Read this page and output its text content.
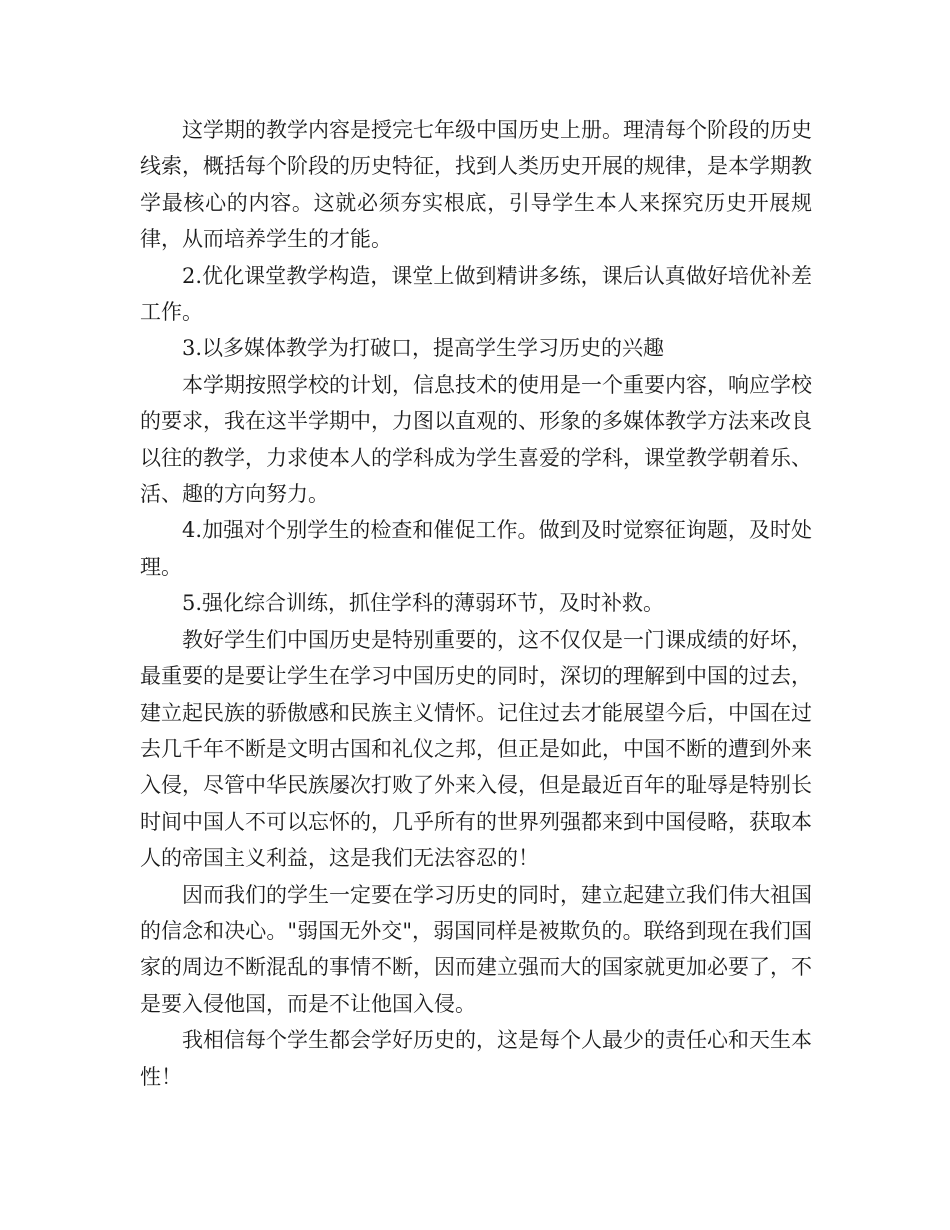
这学期的教学内容是授完七年级中国历史上册。理清每个阶段的历史线索，概括每个阶段的历史特征，找到人类历史开展的规律，是本学期教学最核心的内容。这就必须夯实根底，引导学生本人来探究历史开展规律，从而培养学生的才能。

2.优化课堂教学构造，课堂上做到精讲多练，课后认真做好培优补差工作。

3.以多媒体教学为打破口，提高学生学习历史的兴趣

本学期按照学校的计划，信息技术的使用是一个重要内容，响应学校的要求，我在这半学期中，力图以直观的、形象的多媒体教学方法来改良以往的教学，力求使本人的学科成为学生喜爱的学科，课堂教学朝着乐、活、趣的方向努力。

4.加强对个别学生的检查和催促工作。做到及时觉察征询题，及时处理。

5.强化综合训练，抓住学科的薄弱环节，及时补救。

教好学生们中国历史是特别重要的，这不仅仅是一门课成绩的好坏，最重要的是要让学生在学习中国历史的同时，深切的理解到中国的过去，建立起民族的骄傲感和民族主义情怀。记住过去才能展望今后，中国在过去几千年不断是文明古国和礼仪之邦，但正是如此，中国不断的遭到外来入侵，尽管中华民族屡次打败了外来入侵，但是最近百年的耻辱是特别长时间中国人不可以忘怀的，几乎所有的世界列强都来到中国侵略，获取本人的帝国主义利益，这是我们无法容忍的！

因而我们的学生一定要在学习历史的同时，建立起建立我们伟大祖国的信念和决心。"弱国无外交"，弱国同样是被欺负的。联络到现在我们国家的周边不断混乱的事情不断，因而建立强而大的国家就更加必要了，不是要入侵他国，而是不让他国入侵。

我相信每个学生都会学好历史的，这是每个人最少的责任心和天生本性！
